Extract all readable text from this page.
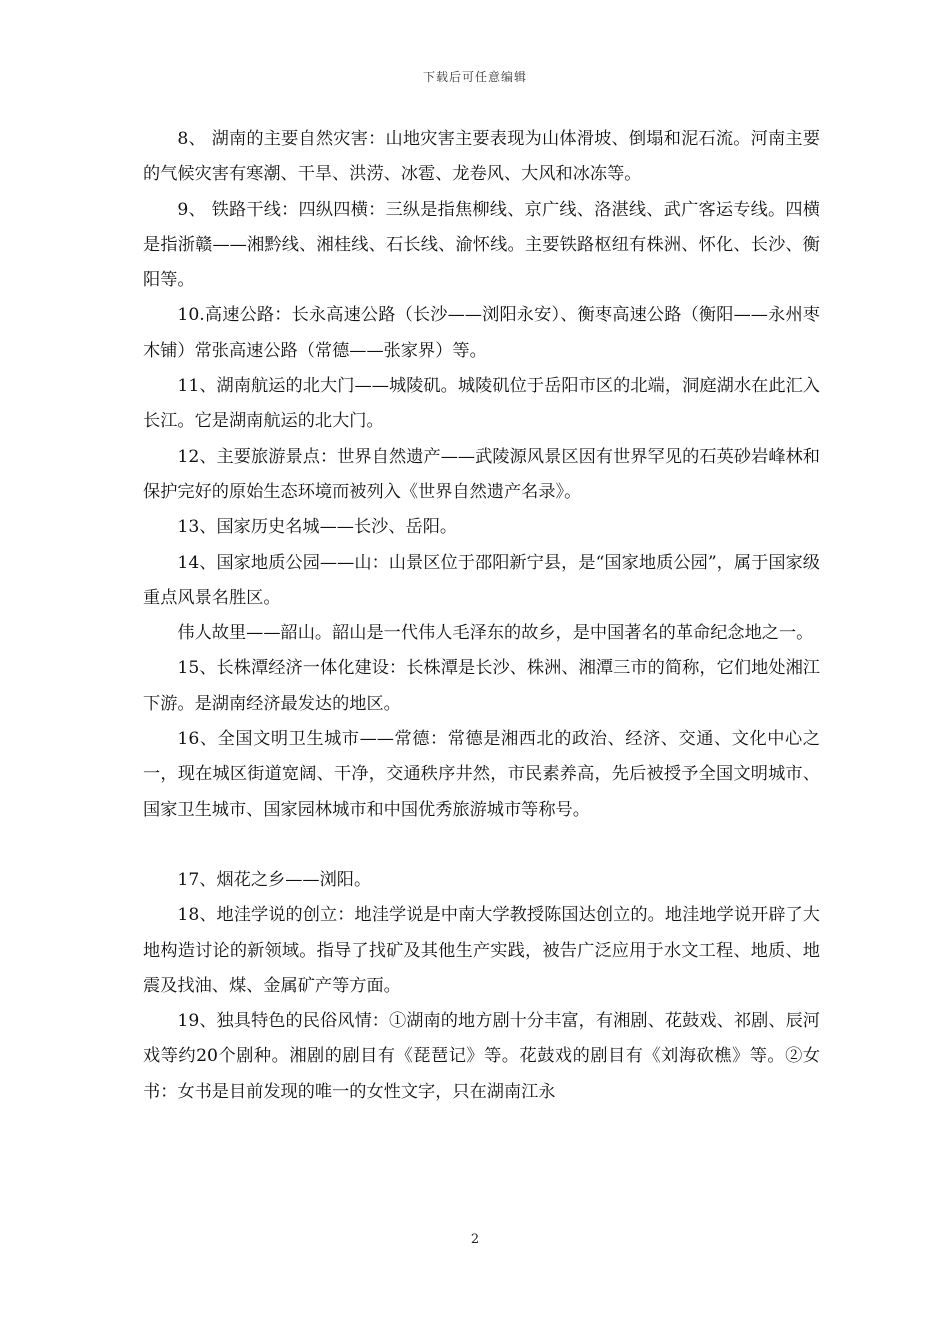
下载后可任意编辑

8、 湖南的主要自然灾害：山地灾害主要表现为山体滑坡、倒塌和泥石流。河南主要的气候灾害有寒潮、干旱、洪涝、冰雹、龙卷风、大风和冰冻等。

9、 铁路干线：四纵四横：三纵是指焦柳线、京广线、洛湛线、武广客运专线。四横是指浙赣——湘黔线、湘桂线、石长线、渝怀线。主要铁路枢纽有株洲、怀化、长沙、衡阳等。

10.高速公路：长永高速公路（长沙——浏阳永安）、衡枣高速公路（衡阳——永州枣木铺）常张高速公路（常德——张家界）等。

11、湖南航运的北大门——城陵矶。城陵矶位于岳阳市区的北端，洞庭湖水在此汇入长江。它是湖南航运的北大门。

12、主要旅游景点：世界自然遗产——武陵源风景区因有世界罕见的石英砂岩峰林和保护完好的原始生态环境而被列入《世界自然遗产名录》。

13、国家历史名城——长沙、岳阳。

14、国家地质公园——山：山景区位于邵阳新宁县，是“国家地质公园”，属于国家级重点风景名胜区。

伟人故里——韶山。韶山是一代伟人毛泽东的故乡，是中国著名的革命纪念地之一。

15、长株潭经济一体化建设：长株潭是长沙、株洲、湘潭三市的简称，它们地处湘江下游。是湖南经济最发达的地区。

16、全国文明卫生城市——常德：常德是湘西北的政治、经济、交通、文化中心之一，现在城区街道宽阔、干净，交通秩序井然，市民素养高，先后被授予全国文明城市、国家卫生城市、国家园林城市和中国优秀旅游城市等称号。

17、烟花之乡——浏阳。

18、地洼学说的创立：地洼学说是中南大学教授陈国达创立的。地洼地学说开辟了大地构造讨论的新领域。指导了找矿及其他生产实践，被告广泛应用于水文工程、地质、地震及找油、煤、金属矿产等方面。

19、独具特色的民俗风情：①湖南的地方剧十分丰富，有湘剧、花鼓戏、祁剧、辰河戏等约20个剧种。湘剧的剧目有《琵琶记》等。花鼓戏的剧目有《刘海砍樵》等。②女书：女书是目前发现的唯一的女性文字，只在湖南江永

2
